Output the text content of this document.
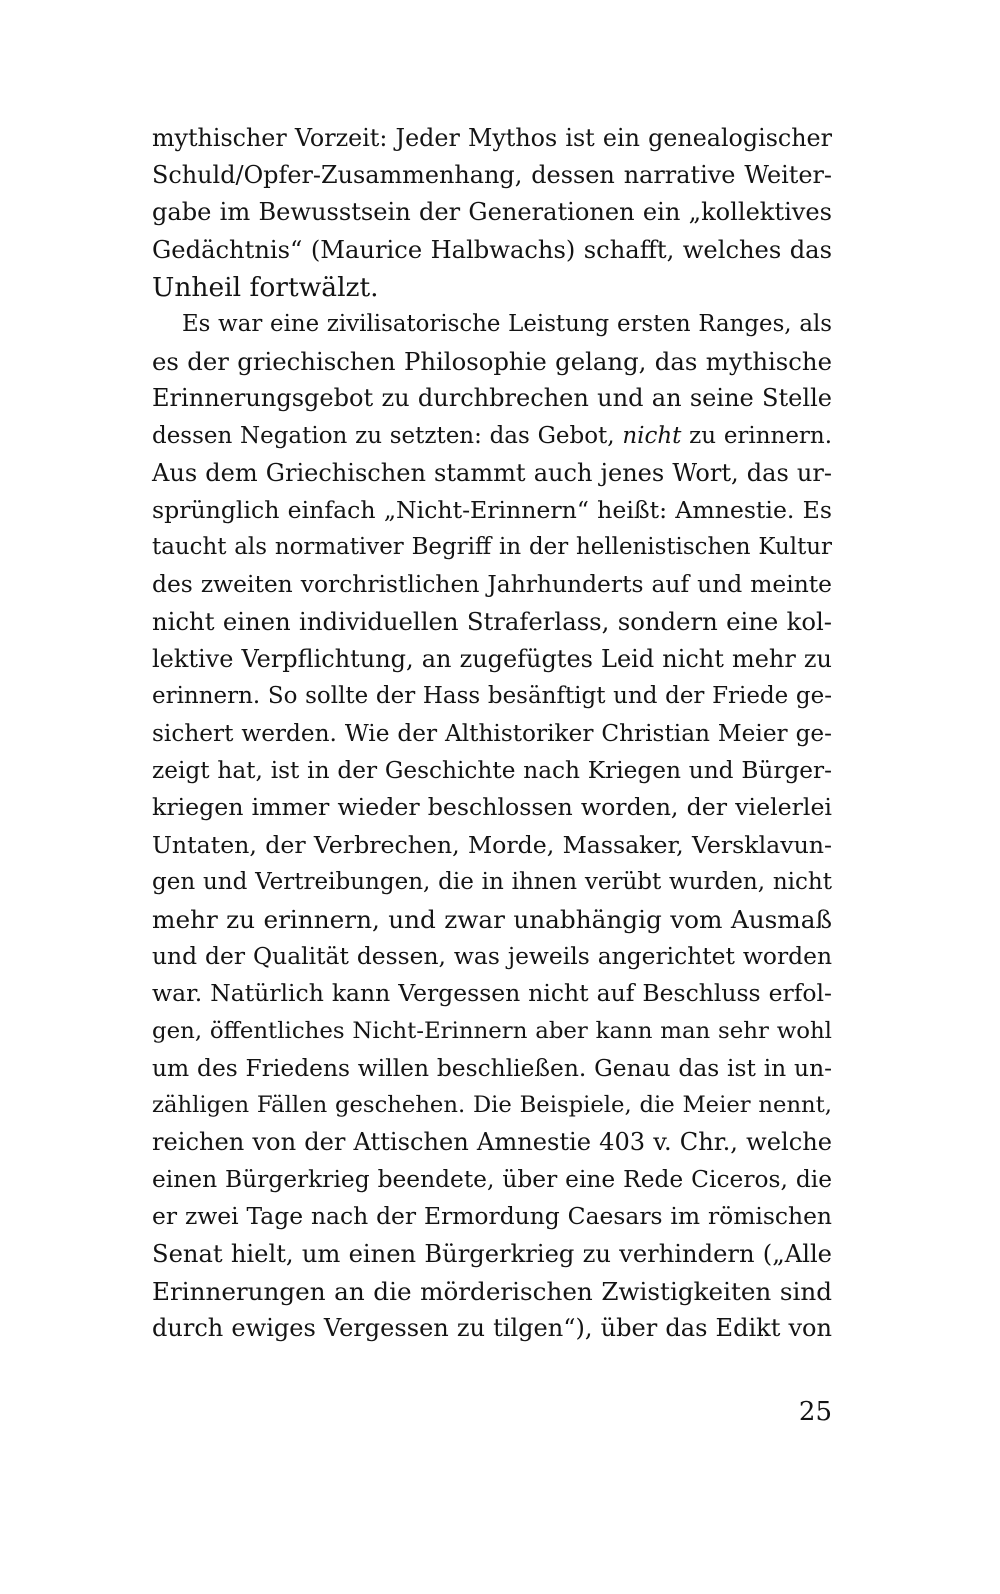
mythischer Vorzeit: Jeder Mythos ist ein genealogischer
Schuld/Opfer-Zusammenhang, dessen narrative Weiter-
gabe im Bewusstsein der Generationen ein „kollektives
Gedächtnis“ (Maurice Halbwachs) schafft, welches das
Unheil fortwälzt.
Es war eine zivilisatorische Leistung ersten Ranges, als
es der griechischen Philosophie gelang, das mythische
Erinnerungsgebot zu durchbrechen und an seine Stelle
dessen Negation zu setzten: das Gebot, nicht zu erinnern.
Aus dem Griechischen stammt auch jenes Wort, das ur-
sprünglich einfach „Nicht-Erinnern“ heißt: Amnestie. Es
taucht als normativer Begriff in der hellenistischen Kultur
des zweiten vorchristlichen Jahrhunderts auf und meinte
nicht einen individuellen Straferlass, sondern eine kol-
lektive Verpflichtung, an zugefügtes Leid nicht mehr zu
erinnern. So sollte der Hass besänftigt und der Friede ge-
sichert werden. Wie der Althistoriker Christian Meier ge-
zeigt hat, ist in der Geschichte nach Kriegen und Bürger-
kriegen immer wieder beschlossen worden, der vielerlei
Untaten, der Verbrechen, Morde, Massaker, Versklavun-
gen und Vertreibungen, die in ihnen verübt wurden, nicht
mehr zu erinnern, und zwar unabhängig vom Ausmaß
und der Qualität dessen, was jeweils angerichtet worden
war. Natürlich kann Vergessen nicht auf Beschluss erfol-
gen, öffentliches Nicht-Erinnern aber kann man sehr wohl
um des Friedens willen beschließen. Genau das ist in un-
zähligen Fällen geschehen. Die Beispiele, die Meier nennt,
reichen von der Attischen Amnestie 403 v. Chr., welche
einen Bürgerkrieg beendete, über eine Rede Ciceros, die
er zwei Tage nach der Ermordung Caesars im römischen
Senat hielt, um einen Bürgerkrieg zu verhindern („Alle
Erinnerungen an die mörderischen Zwistigkeiten sind
durch ewiges Vergessen zu tilgen“), über das Edikt von
25
